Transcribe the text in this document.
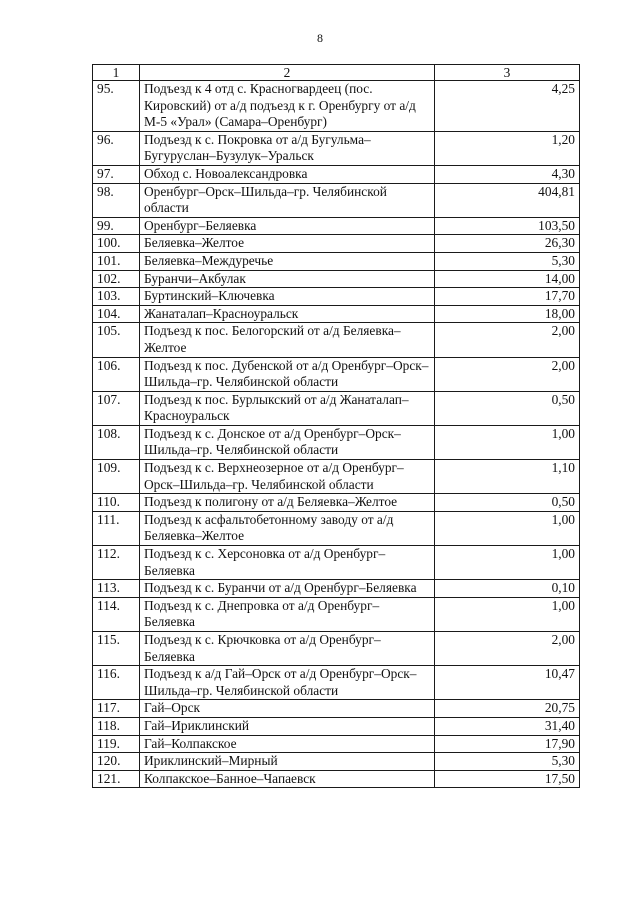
8
1	2	3
95.	Подъезд к 4 отд с. Красногвардеец (пос. Кировский) от а/д подъезд к г. Оренбургу от а/д М-5 «Урал» (Самара–Оренбург)	4,25
96.	Подъезд к с. Покровка от а/д Бугульма–Бугуруслан–Бузулук–Уральск	1,20
97.	Обход с. Новоалександровка	4,30
98.	Оренбург–Орск–Шильда–гр. Челябинской области	404,81
99.	Оренбург–Беляевка	103,50
100.	Беляевка–Желтое	26,30
101.	Беляевка–Междуречье	5,30
102.	Буранчи–Акбулак	14,00
103.	Буртинский–Ключевка	17,70
104.	Жанаталап–Красноуральск	18,00
105.	Подъезд к пос. Белогорский от а/д Беляевка–Желтое	2,00
106.	Подъезд к пос. Дубенской от а/д Оренбург–Орск–Шильда–гр. Челябинской области	2,00
107.	Подъезд к пос. Бурлыкский от а/д Жанаталап–Красноуральск	0,50
108.	Подъезд к с. Донское от а/д Оренбург–Орск–Шильда–гр. Челябинской области	1,00
109.	Подъезд к с. Верхнеозерное от а/д Оренбург–Орск–Шильда–гр. Челябинской области	1,10
110.	Подъезд к полигону от а/д Беляевка–Желтое	0,50
111.	Подъезд к асфальтобетонному заводу от а/д Беляевка–Желтое	1,00
112.	Подъезд к с. Херсоновка от а/д Оренбург–Беляевка	1,00
113.	Подъезд к с. Буранчи от а/д Оренбург–Беляевка	0,10
114.	Подъезд к с. Днепровка от а/д Оренбург–Беляевка	1,00
115.	Подъезд к с. Крючковка от а/д Оренбург–Беляевка	2,00
116.	Подъезд к а/д Гай–Орск от а/д Оренбург–Орск–Шильда–гр. Челябинской области	10,47
117.	Гай–Орск	20,75
118.	Гай–Ириклинский	31,40
119.	Гай–Колпакское	17,90
120.	Ириклинский–Мирный	5,30
121.	Колпакское–Банное–Чапаевск	17,50
